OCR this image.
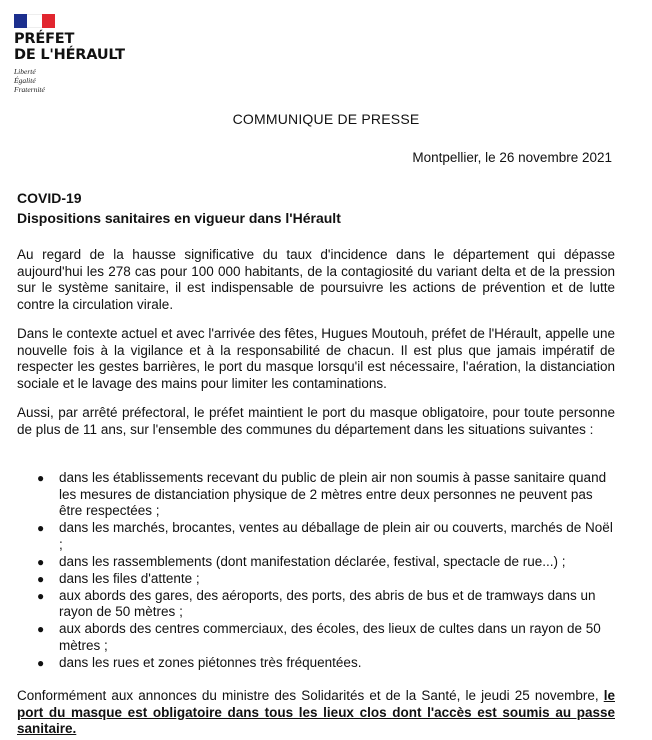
PRÉFET
DE L'HÉRAULT
Liberté
Égalité
Fraternité
COMMUNIQUE DE PRESSE
Montpellier, le 26 novembre 2021
COVID-19
Dispositions sanitaires en vigueur dans l'Hérault
Au regard de la hausse significative du taux d'incidence dans le département qui dépasse aujourd'hui les 278 cas pour 100 000 habitants, de la contagiosité du variant delta et de la pression sur le système sanitaire, il est indispensable de poursuivre les actions de prévention et de lutte contre la circulation virale.
Dans le contexte actuel et avec l'arrivée des fêtes, Hugues Moutouh, préfet de l'Hérault, appelle une nouvelle fois à la vigilance et à la responsabilité de chacun. Il est plus que jamais impératif de respecter les gestes barrières, le port du masque lorsqu'il est nécessaire, l'aération, la distanciation sociale et le lavage des mains pour limiter les contaminations.
Aussi, par arrêté préfectoral, le préfet maintient le port du masque obligatoire, pour toute personne de plus de 11 ans, sur l'ensemble des communes du département dans les situations suivantes :
● dans les établissements recevant du public de plein air non soumis à passe sanitaire quand les mesures de distanciation physique de 2 mètres entre deux personnes ne peuvent pas être respectées ;
● dans les marchés, brocantes, ventes au déballage de plein air ou couverts, marchés de Noël ;
● dans les rassemblements (dont manifestation déclarée, festival, spectacle de rue...) ;
● dans les files d'attente ;
● aux abords des gares, des aéroports, des ports, des abris de bus et de tramways dans un rayon de 50 mètres ;
● aux abords des centres commerciaux, des écoles, des lieux de cultes dans un rayon de 50 mètres ;
● dans les rues et zones piétonnes très fréquentées.
Conformément aux annonces du ministre des Solidarités et de la Santé, le jeudi 25 novembre, le port du masque est obligatoire dans tous les lieux clos dont l'accès est soumis au passe sanitaire.
